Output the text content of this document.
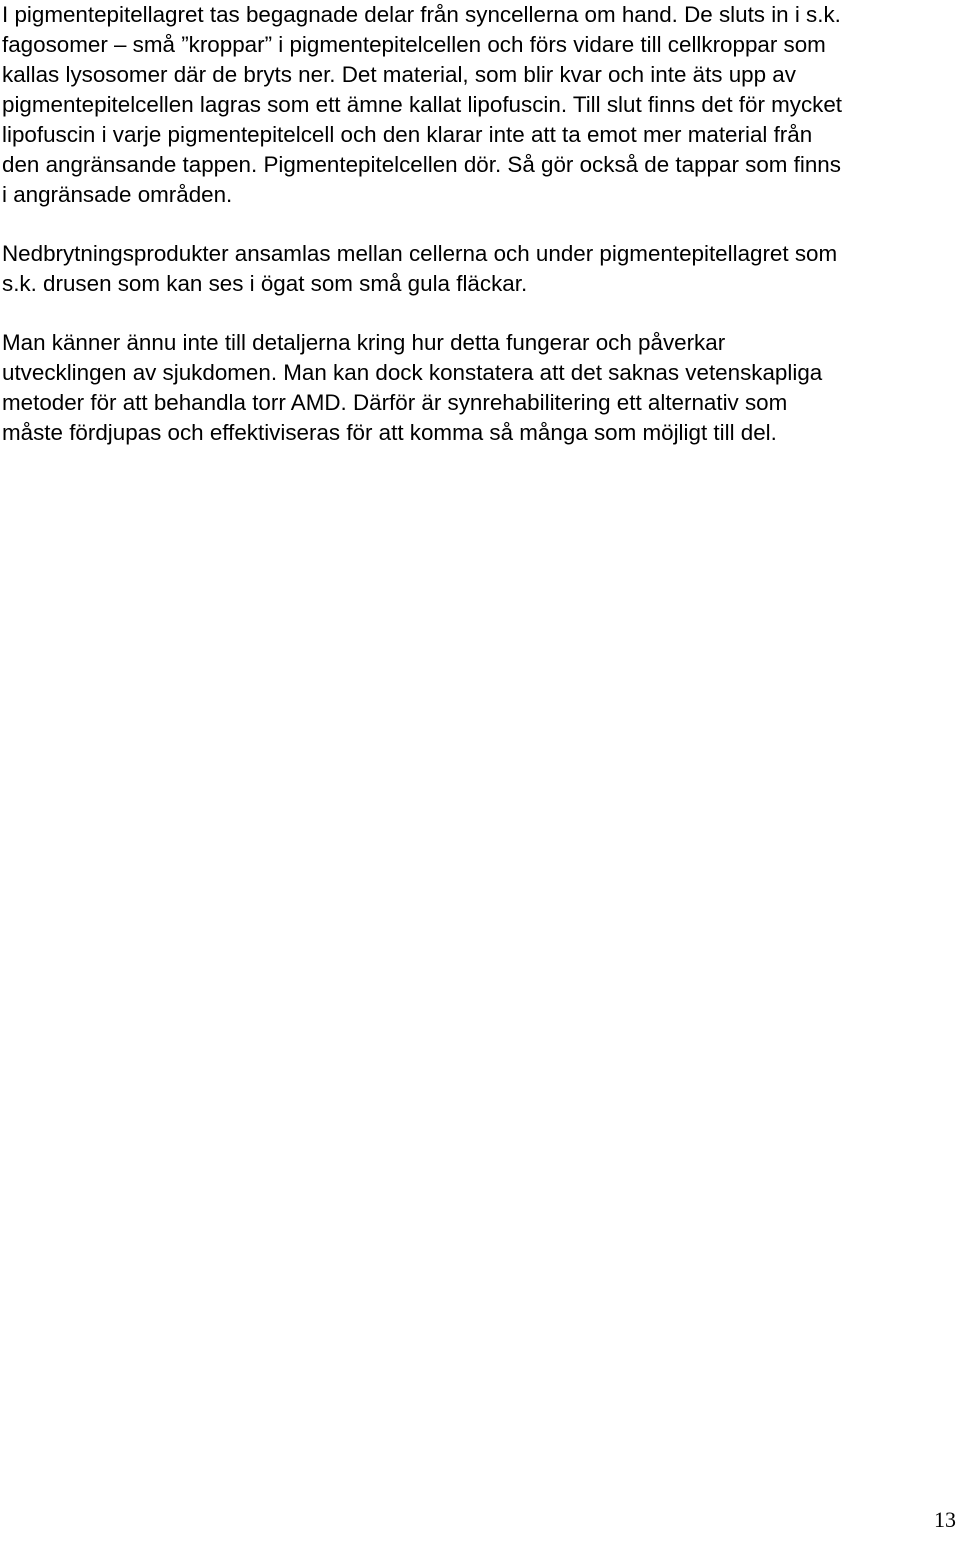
I pigmentepitellagret tas begagnade delar från syncellerna om hand. De sluts in i s.k.
fagosomer – små ”kroppar” i pigmentepitelcellen och förs vidare till cellkroppar som
kallas lysosomer där de bryts ner. Det material, som blir kvar och inte äts upp av
pigmentepitelcellen lagras som ett ämne kallat lipofuscin. Till slut finns det för mycket
lipofuscin i varje pigmentepitelcell och den klarar inte att ta emot mer material från
den angränsande tappen. Pigmentepitelcellen dör. Så gör också de tappar som finns
i angränsade områden.
Nedbrytningsprodukter ansamlas mellan cellerna och under pigmentepitellagret som
s.k. drusen som kan ses i ögat som små gula fläckar.
Man känner ännu inte till detaljerna kring hur detta fungerar och påverkar
utvecklingen av sjukdomen. Man kan dock konstatera att det saknas vetenskapliga
metoder för att behandla torr AMD. Därför är synrehabilitering ett alternativ som
måste fördjupas och effektiviseras för att komma så många som möjligt till del.
13
